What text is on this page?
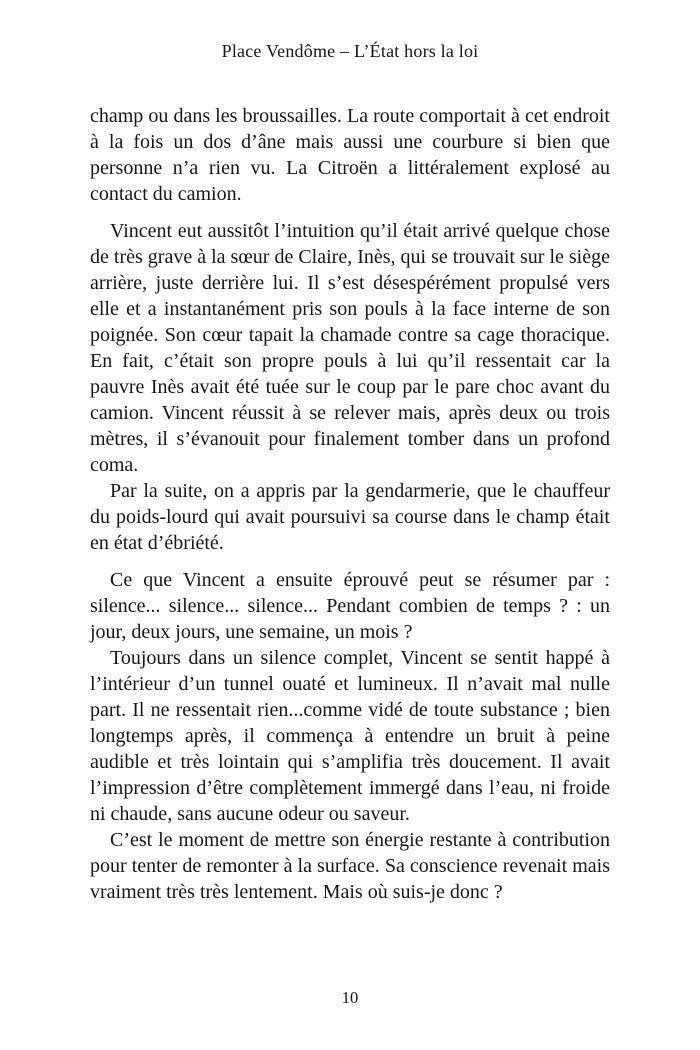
Place Vendôme – L’État hors la loi

champ ou dans les broussailles. La route comportait à cet endroit à la fois un dos d’âne mais aussi une courbure si bien que personne n’a rien vu. La Citroën a littéralement explosé au contact du camion.

Vincent eut aussitôt l’intuition qu’il était arrivé quelque chose de très grave à la sœur de Claire, Inès, qui se trouvait sur le siège arrière, juste derrière lui. Il s’est désespérément propulsé vers elle et a instantanément pris son pouls à la face interne de son poignée. Son cœur tapait la chamade contre sa cage thoracique. En fait, c’était son propre pouls à lui qu’il ressentait car la pauvre Inès avait été tuée sur le coup par le pare choc avant du camion. Vincent réussit à se relever mais, après deux ou trois mètres, il s’évanouit pour finalement tomber dans un profond coma.

Par la suite, on a appris par la gendarmerie, que le chauffeur du poids-lourd qui avait poursuivi sa course dans le champ était en état d’ébriété.

Ce que Vincent a ensuite éprouvé peut se résumer par : silence... silence... silence... Pendant combien de temps ? : un jour, deux jours, une semaine, un mois ?

Toujours dans un silence complet, Vincent se sentit happé à l’intérieur d’un tunnel ouaté et lumineux. Il n’avait mal nulle part. Il ne ressentait rien...comme vidé de toute substance ; bien longtemps après, il commença à entendre un bruit à peine audible et très lointain qui s’amplifia très doucement. Il avait l’impression d’être complètement immergé dans l’eau, ni froide ni chaude, sans aucune odeur ou saveur.

C’est le moment de mettre son énergie restante à contribution pour tenter de remonter à la surface. Sa conscience revenait mais vraiment très très lentement. Mais où suis-je donc ?

10
